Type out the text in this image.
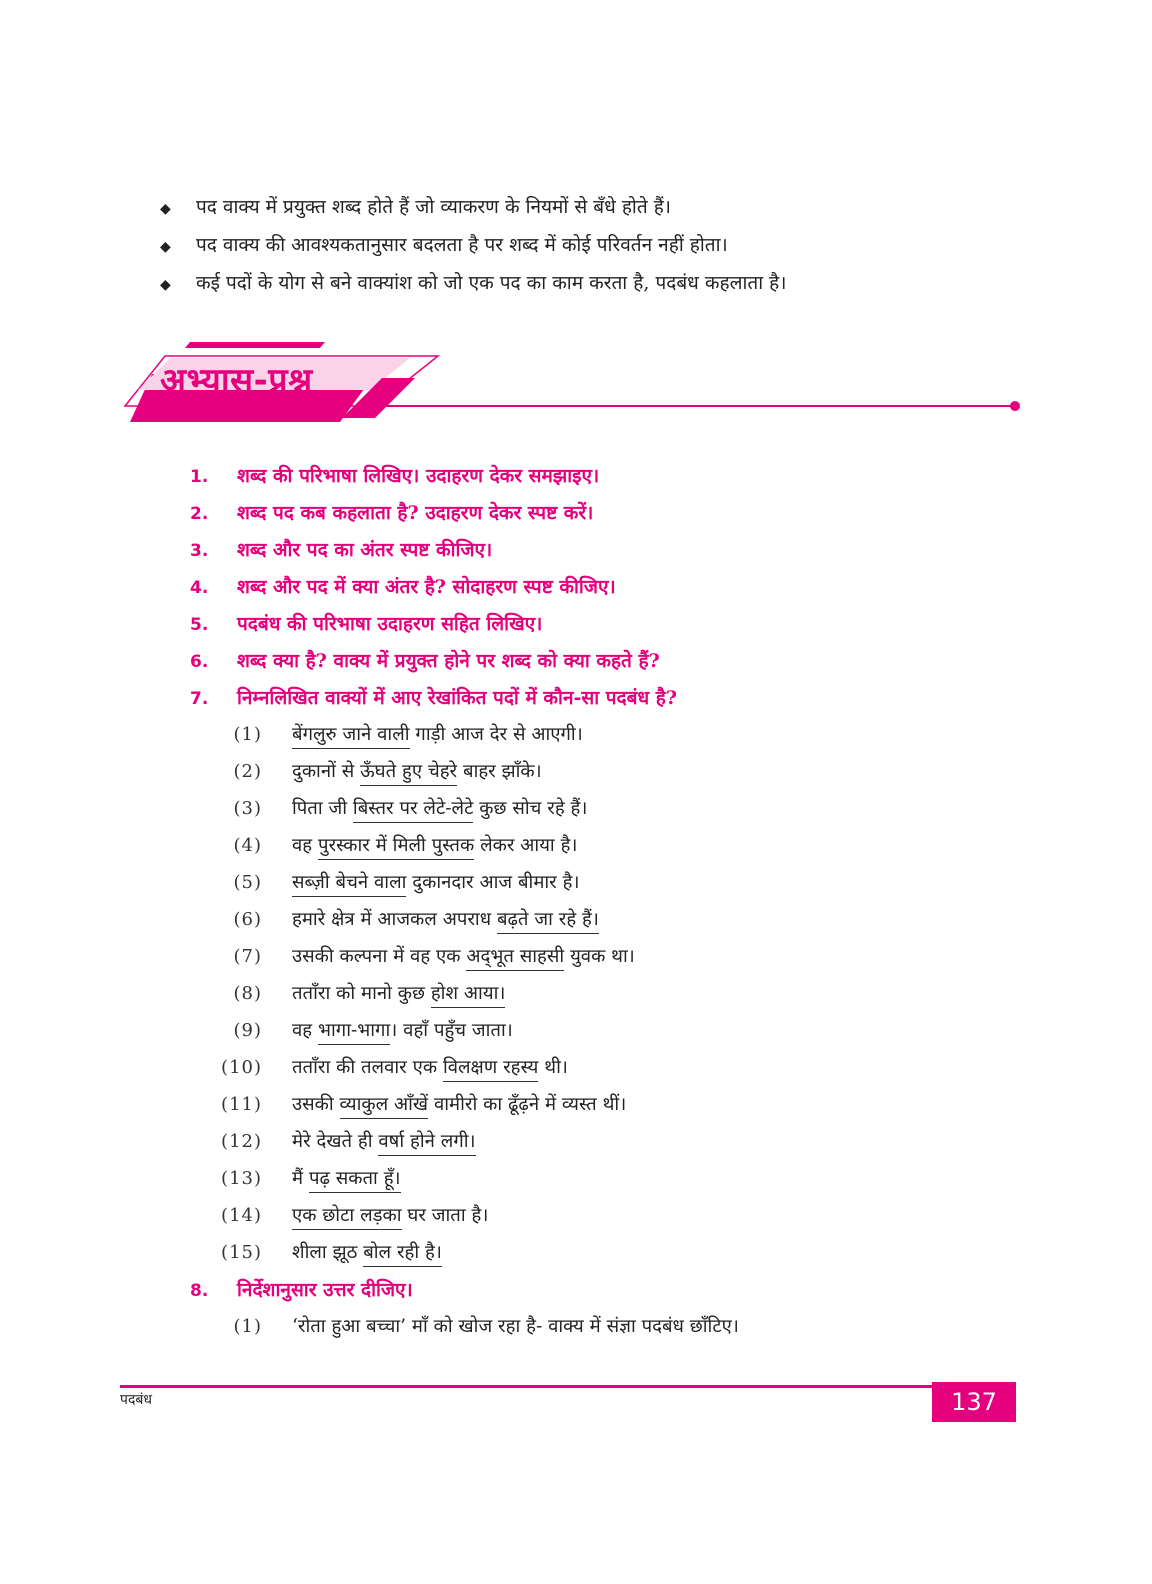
◆	पद वाक्य में प्रयुक्त शब्द होते हैं जो व्याकरण के नियमों से बँधे होते हैं।
◆	पद वाक्य की आवश्यकतानुसार बदलता है पर शब्द में कोई परिवर्तन नहीं होता।
◆	कई पदों के योग से बने वाक्यांश को जो एक पद का काम करता है, पदबंध कहलाता है।
अभ्यास-प्रश्न
1.	शब्द की परिभाषा लिखिए। उदाहरण देकर समझाइए।
2.	शब्द पद कब कहलाता है? उदाहरण देकर स्पष्ट करें।
3.	शब्द और पद का अंतर स्पष्ट कीजिए।
4.	शब्द और पद में क्या अंतर है? सोदाहरण स्पष्ट कीजिए।
5.	पदबंध की परिभाषा उदाहरण सहित लिखिए।
6.	शब्द क्या है? वाक्य में प्रयुक्त होने पर शब्द को क्या कहते हैं?
7.	निम्नलिखित वाक्यों में आए रेखांकित पदों में कौन-सा पदबंध है?
(1)	बेंगलुरु जाने वाली गाड़ी आज देर से आएगी।
(2)	दुकानों से ऊँघते हुए चेहरे बाहर झाँके।
(3)	पिता जी बिस्तर पर लेटे-लेटे कुछ सोच रहे हैं।
(4)	वह पुरस्कार में मिली पुस्तक लेकर आया है।
(5)	सब्ज़ी बेचने वाला दुकानदार आज बीमार है।
(6)	हमारे क्षेत्र में आजकल अपराध बढ़ते जा रहे हैं।
(7)	उसकी कल्पना में वह एक अद्‌भूत साहसी युवक था।
(8)	तताँरा को मानो कुछ होश आया।
(9)	वह भागा-भागा। वहाँ पहुँच जाता।
(10)	तताँरा की तलवार एक विलक्षण रहस्य थी।
(11)	उसकी व्याकुल आँखें वामीरो का ढूँढ़ने में व्यस्त थीं।
(12)	मेरे देखते ही वर्षा होने लगी।
(13)	मैं पढ़ सकता हूँ।
(14)	एक छोटा लड़का घर जाता है।
(15)	शीला झूठ बोल रही है।
8.	निर्देशानुसार उत्तर दीजिए।
(1)	‘रोता हुआ बच्चा’ माँ को खोज रहा है- वाक्य में संज्ञा पदबंध छाँटिए।
पदबंध	137
